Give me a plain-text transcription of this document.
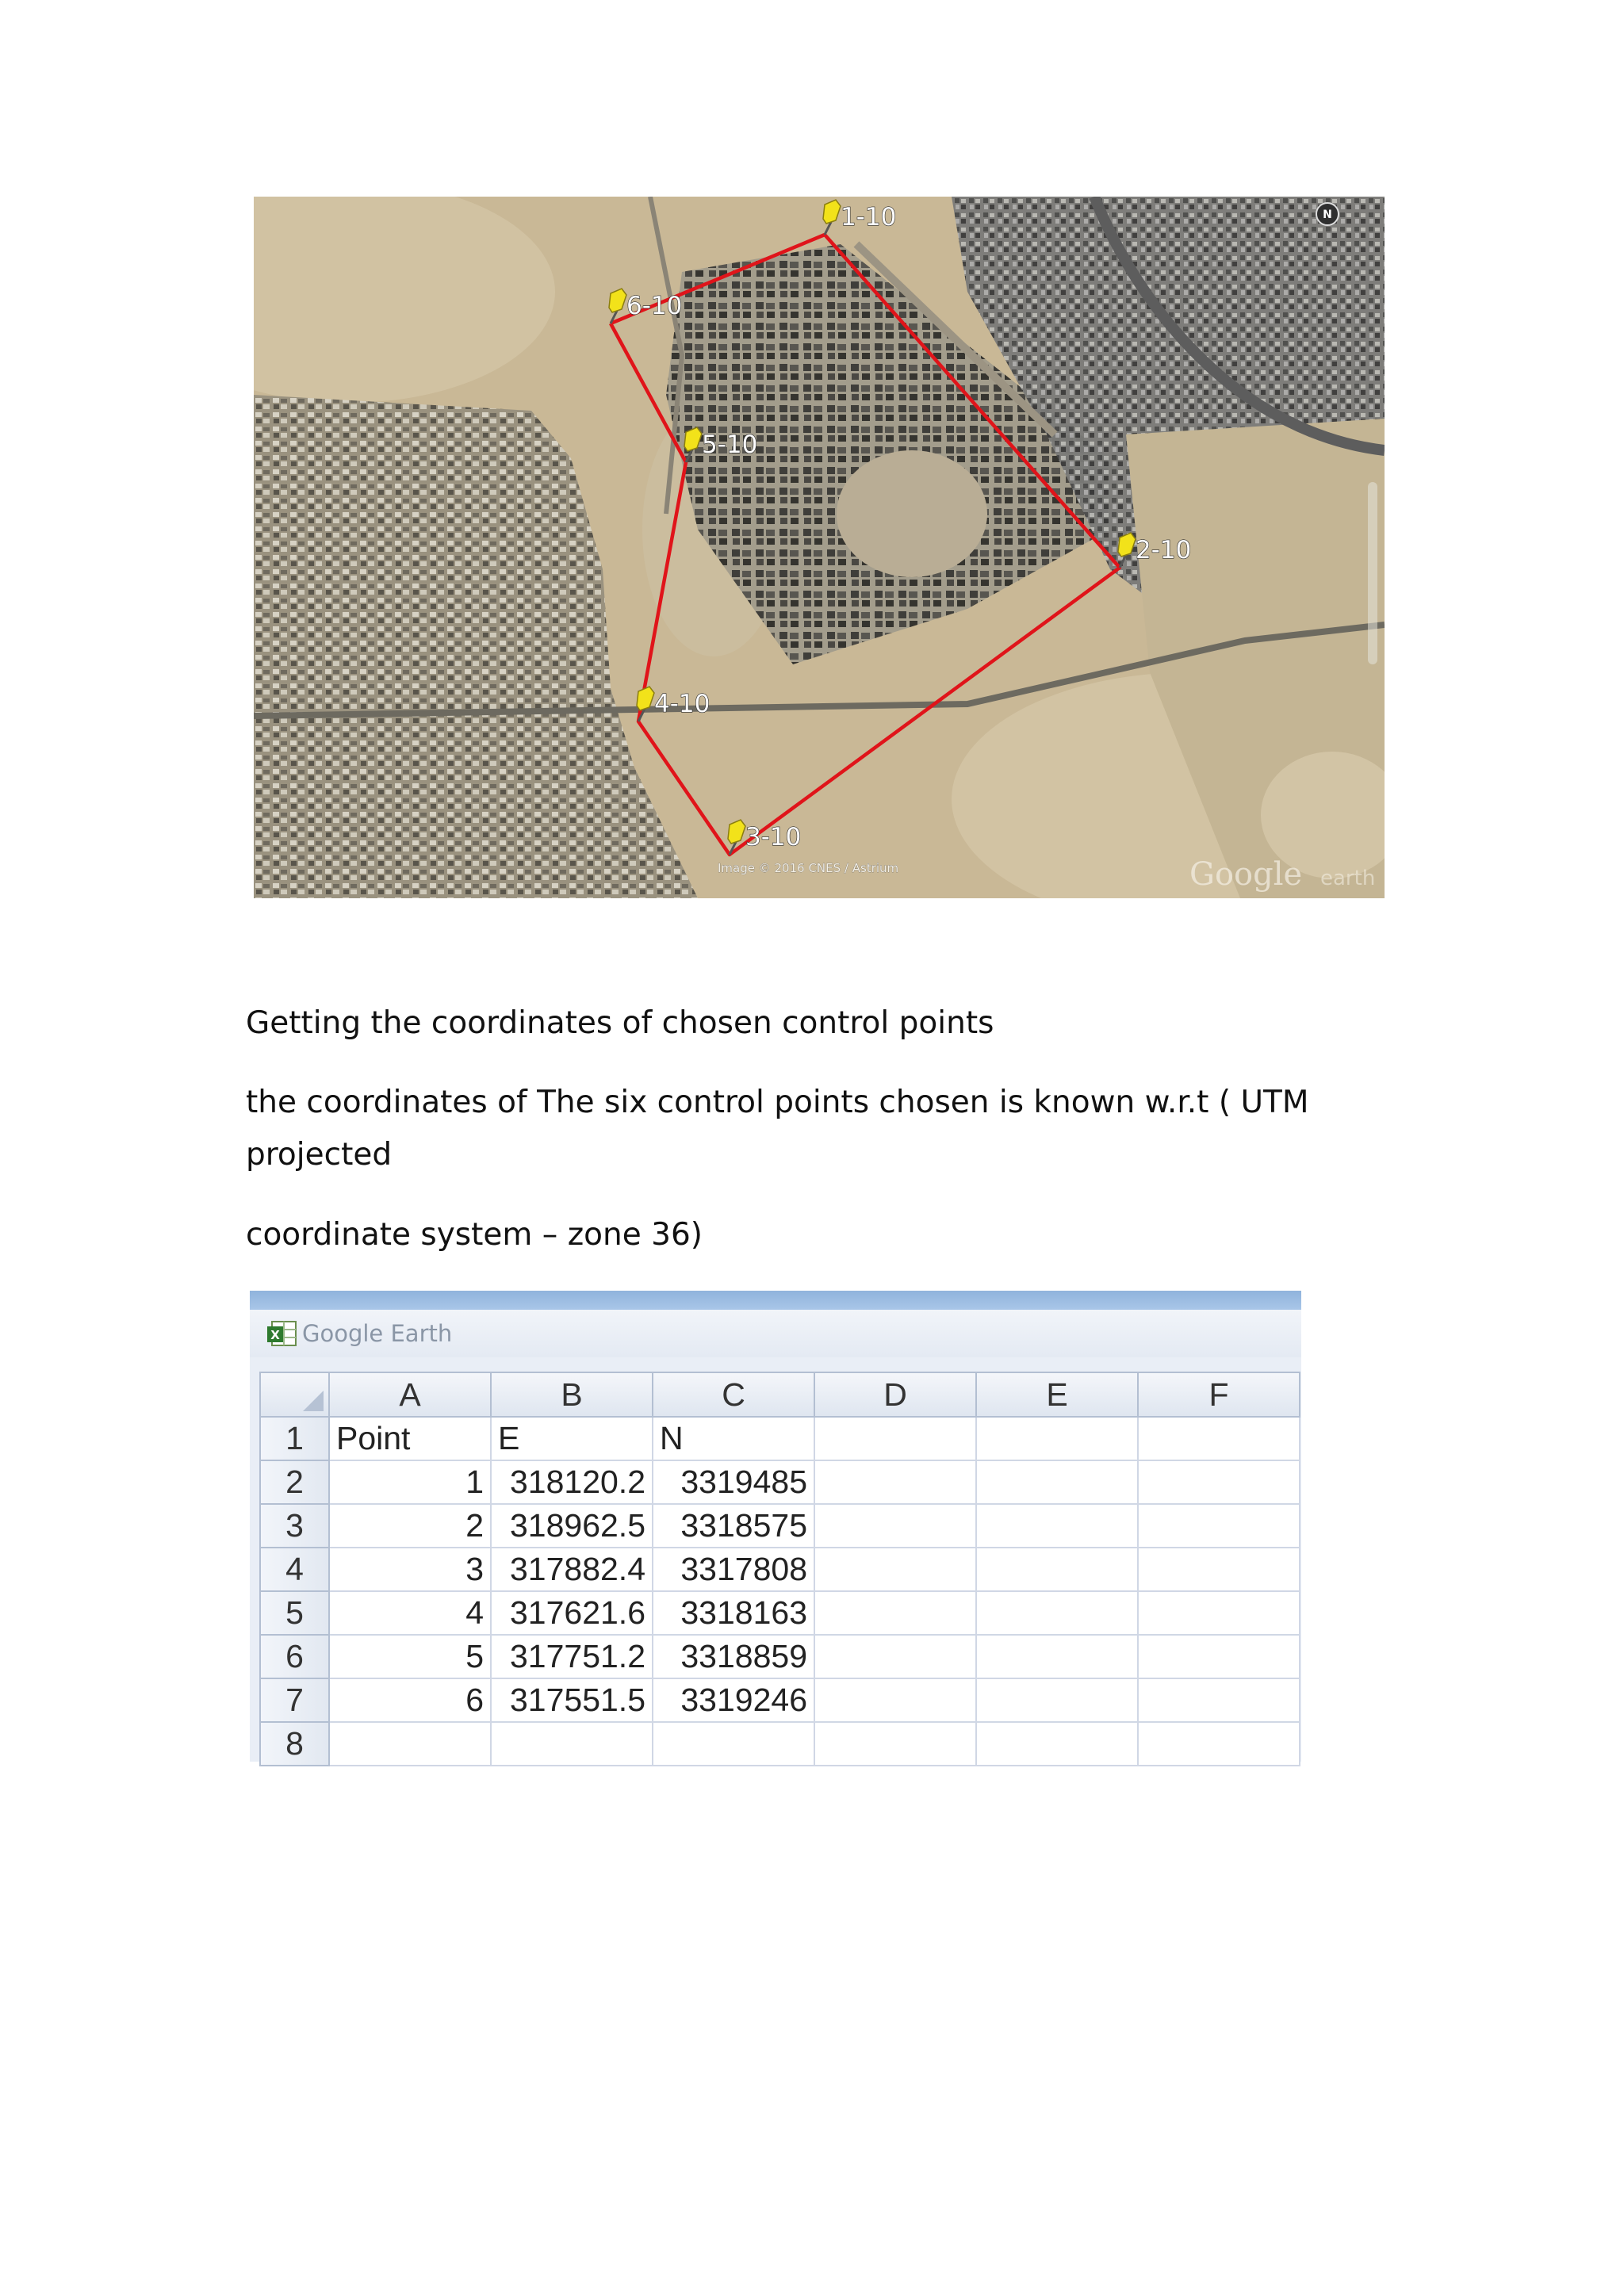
N
1-10
2-10
3-10
4-10
5-10
6-10
Image © 2016 CNES / Astrium	Google earth

Getting the coordinates of chosen control points

the coordinates of The six control points chosen is known w.r.t ( UTM projected

coordinate system – zone 36)

X Google Earth
	A	B	C	D	E	F
1	Point	E	N			
2	1	318120.2	3319485			
3	2	318962.5	3318575			
4	3	317882.4	3317808			
5	4	317621.6	3318163			
6	5	317751.2	3318859			
7	6	317551.5	3319246			
8						
